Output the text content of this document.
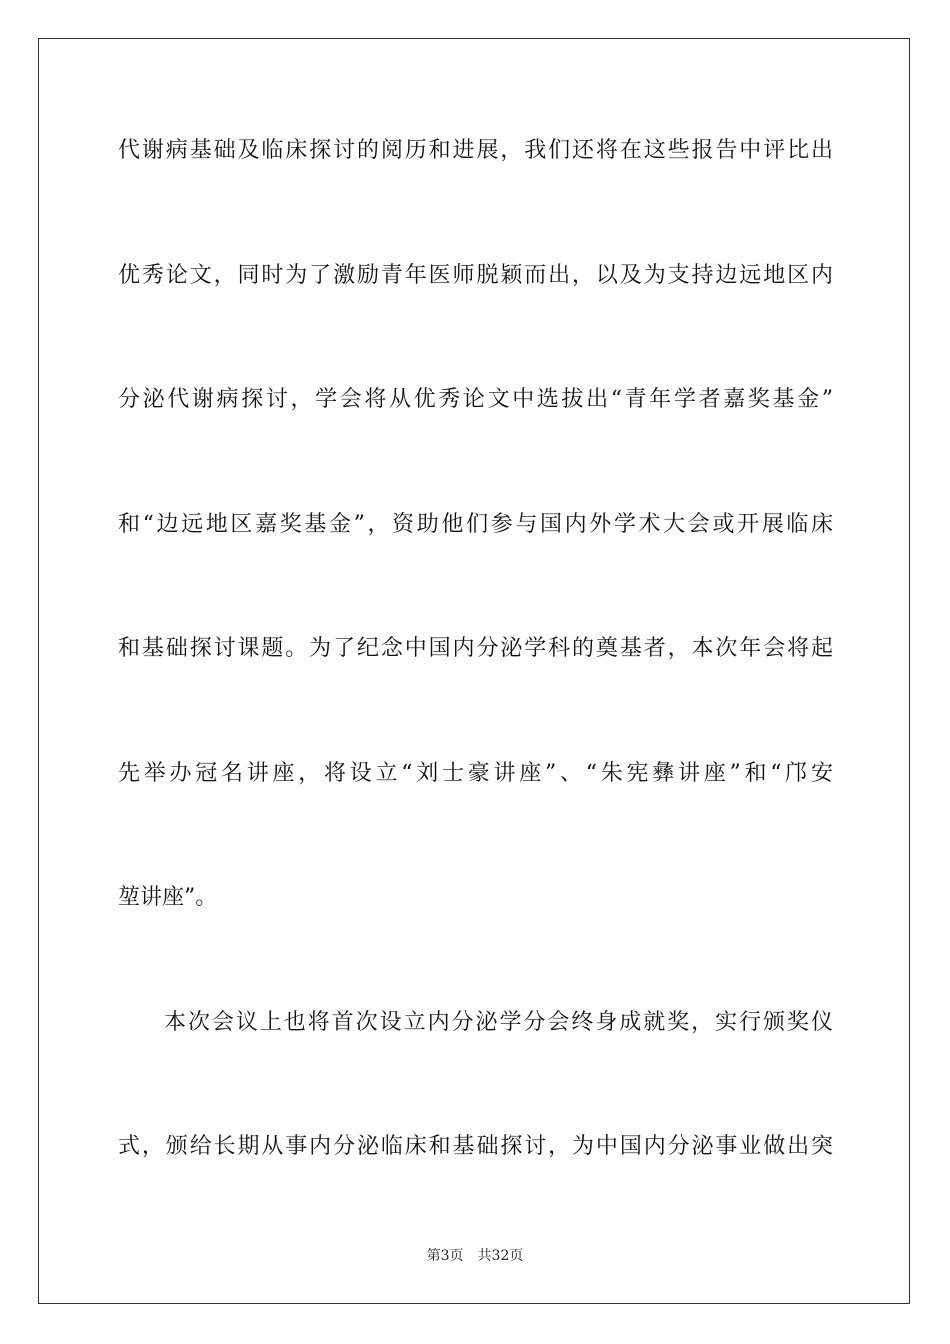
代谢病基础及临床探讨的阅历和进展，我们还将在这些报告中评比出
优秀论文，同时为了激励青年医师脱颖而出，以及为支持边远地区内
分泌代谢病探讨，学会将从优秀论文中选拔出“青年学者嘉奖基金”
和“边远地区嘉奖基金”，资助他们参与国内外学术大会或开展临床
和基础探讨课题。为了纪念中国内分泌学科的奠基者，本次年会将起
先举办冠名讲座，将设立“刘士豪讲座”、“朱宪彝讲座”和“邝安
堃讲座”。
本次会议上也将首次设立内分泌学分会终身成就奖，实行颁奖仪
式，颁给长期从事内分泌临床和基础探讨，为中国内分泌事业做出突
第3页 共32页
